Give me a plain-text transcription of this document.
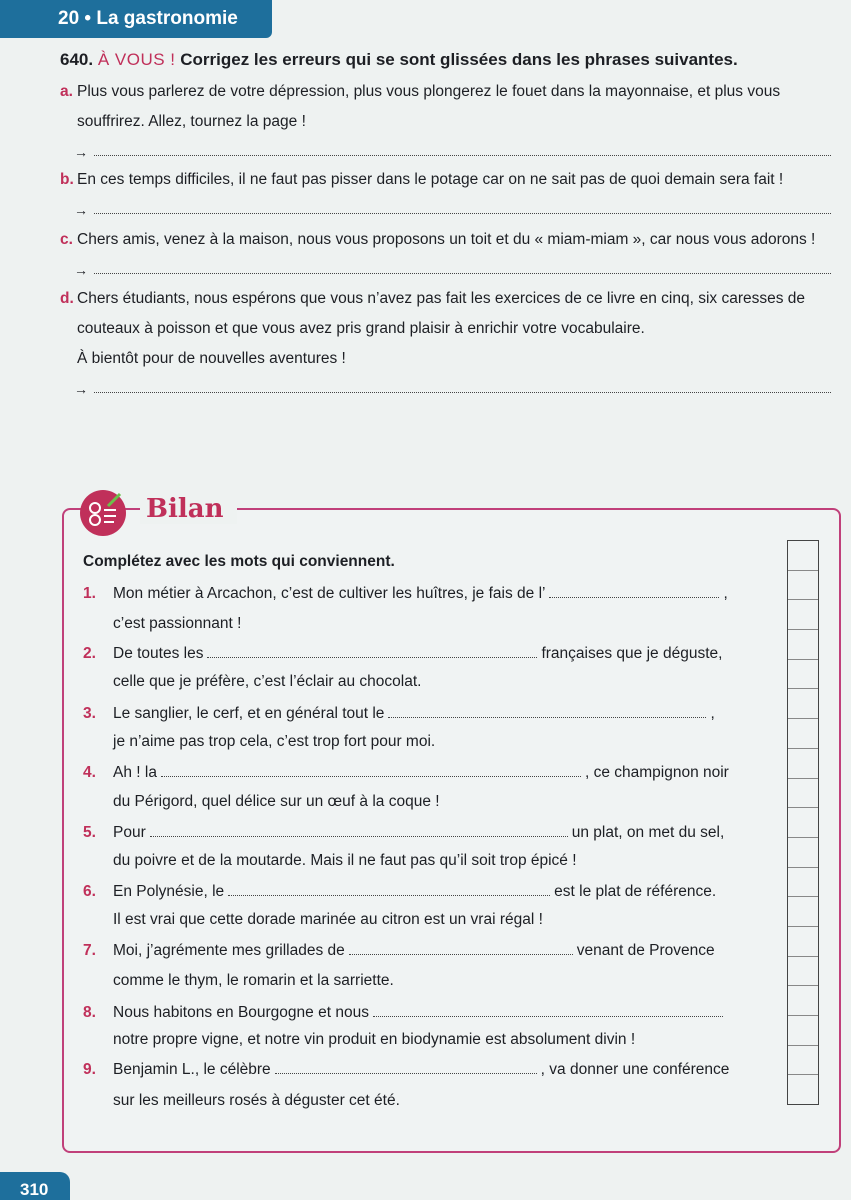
20 • La gastronomie
640. À VOUS ! Corrigez les erreurs qui se sont glissées dans les phrases suivantes.
a. Plus vous parlerez de votre dépression, plus vous plongerez le fouet dans la mayonnaise, et plus vous
souffrirez. Allez, tournez la page !
→
b. En ces temps difficiles, il ne faut pas pisser dans le potage car on ne sait pas de quoi demain sera fait !
→
c. Chers amis, venez à la maison, nous vous proposons un toit et du « miam-miam », car nous vous adorons !
→
d. Chers étudiants, nous espérons que vous n’avez pas fait les exercices de ce livre en cinq, six caresses de
couteaux à poisson et que vous avez pris grand plaisir à enrichir votre vocabulaire.
À bientôt pour de nouvelles aventures !
→
Bilan
Complétez avec les mots qui conviennent.
1. Mon métier à Arcachon, c’est de cultiver les huîtres, je fais de l’	,
c’est passionnant !
2. De toutes les	françaises que je déguste,
celle que je préfère, c’est l’éclair au chocolat.
3. Le sanglier, le cerf, et en général tout le	,
je n’aime pas trop cela, c’est trop fort pour moi.
4. Ah ! la	, ce champignon noir
du Périgord, quel délice sur un œuf à la coque !
5. Pour	un plat, on met du sel,
du poivre et de la moutarde. Mais il ne faut pas qu’il soit trop épicé !
6. En Polynésie, le	est le plat de référence.
Il est vrai que cette dorade marinée au citron est un vrai régal !
7. Moi, j’agrémente mes grillades de	venant de Provence
comme le thym, le romarin et la sarriette.
8. Nous habitons en Bourgogne et nous
notre propre vigne, et notre vin produit en biodynamie est absolument divin !
9. Benjamin L., le célèbre	, va donner une conférence
sur les meilleurs rosés à déguster cet été.
310
